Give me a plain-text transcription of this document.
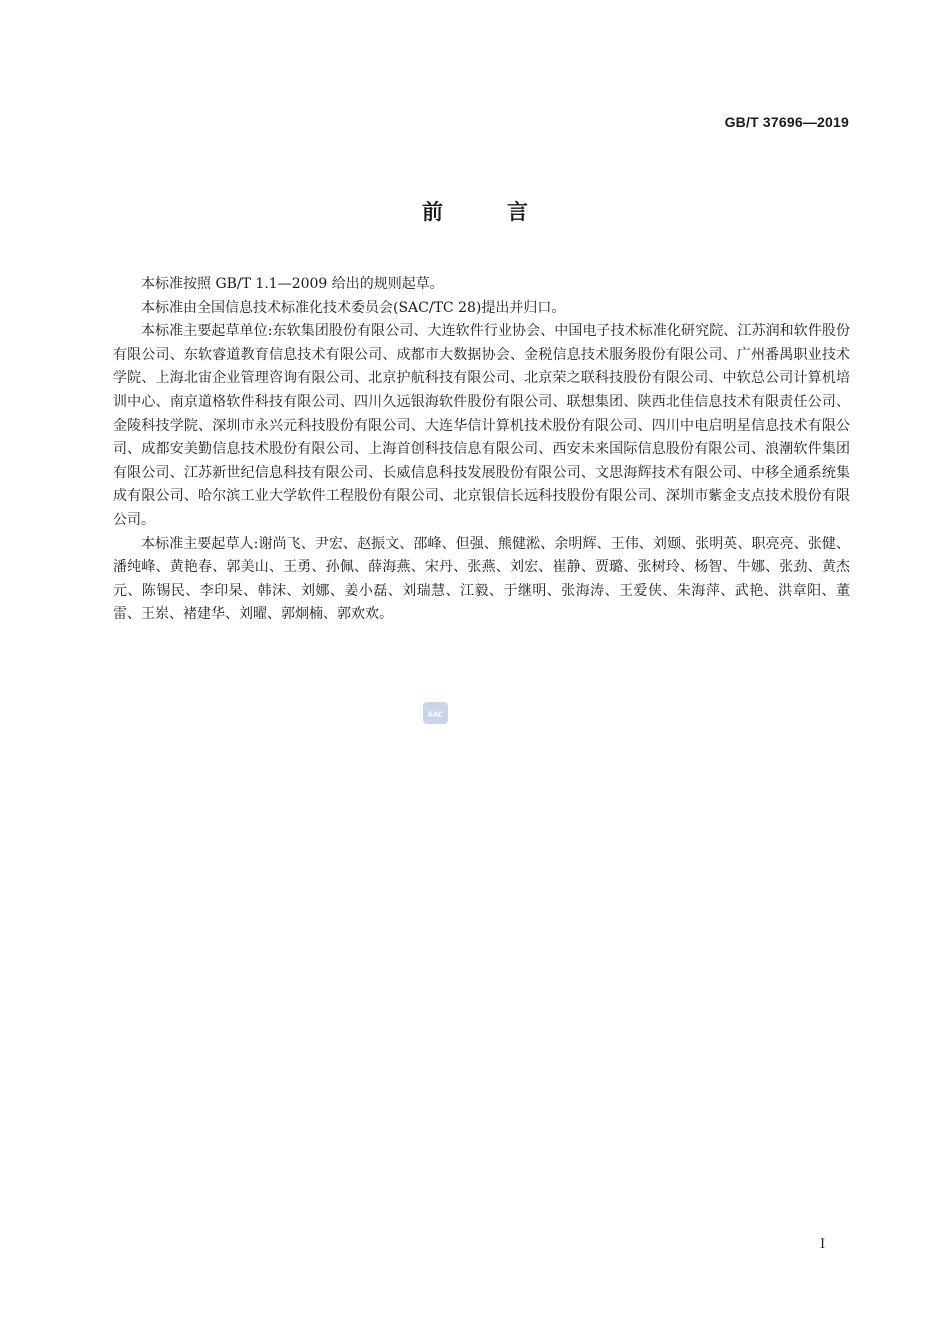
GB/T 37696—2019
前	言

本标准按照 GB/T 1.1—2009 给出的规则起草。

本标准由全国信息技术标准化技术委员会(SAC/TC 28)提出并归口。

本标准主要起草单位:东软集团股份有限公司、大连软件行业协会、中国电子技术标准化研究院、江苏润和软件股份有限公司、东软睿道教育信息技术有限公司、成都市大数据协会、金税信息技术服务股份有限公司、广州番禺职业技术学院、上海北宙企业管理咨询有限公司、北京护航科技有限公司、北京荣之联科技股份有限公司、中软总公司计算机培训中心、南京道格软件科技有限公司、四川久远银海软件股份有限公司、联想集团、陕西北佳信息技术有限责任公司、金陵科技学院、深圳市永兴元科技股份有限公司、大连华信计算机技术股份有限公司、四川中电启明星信息技术有限公司、成都安美勤信息技术股份有限公司、上海首创科技信息有限公司、西安未来国际信息股份有限公司、浪潮软件集团有限公司、江苏新世纪信息科技有限公司、长威信息科技发展股份有限公司、文思海辉技术有限公司、中移全通系统集成有限公司、哈尔滨工业大学软件工程股份有限公司、北京银信长远科技股份有限公司、深圳市紫金支点技术股份有限公司。

本标准主要起草人:谢尚飞、尹宏、赵振文、邵峰、但强、熊健淞、余明辉、王伟、刘颋、张明英、职亮亮、张健、潘纯峰、黄艳春、郭美山、王勇、孙佩、薛海燕、宋丹、张燕、刘宏、崔静、贾璐、张树玲、杨智、牛娜、张劲、黄杰元、陈锡民、李印杲、韩沫、刘娜、姜小磊、刘瑞慧、江毅、于继明、张海涛、王爱侠、朱海萍、武艳、洪章阳、董雷、王岽、褚建华、刘曜、郭炯楠、郭欢欢。

SAC
I
